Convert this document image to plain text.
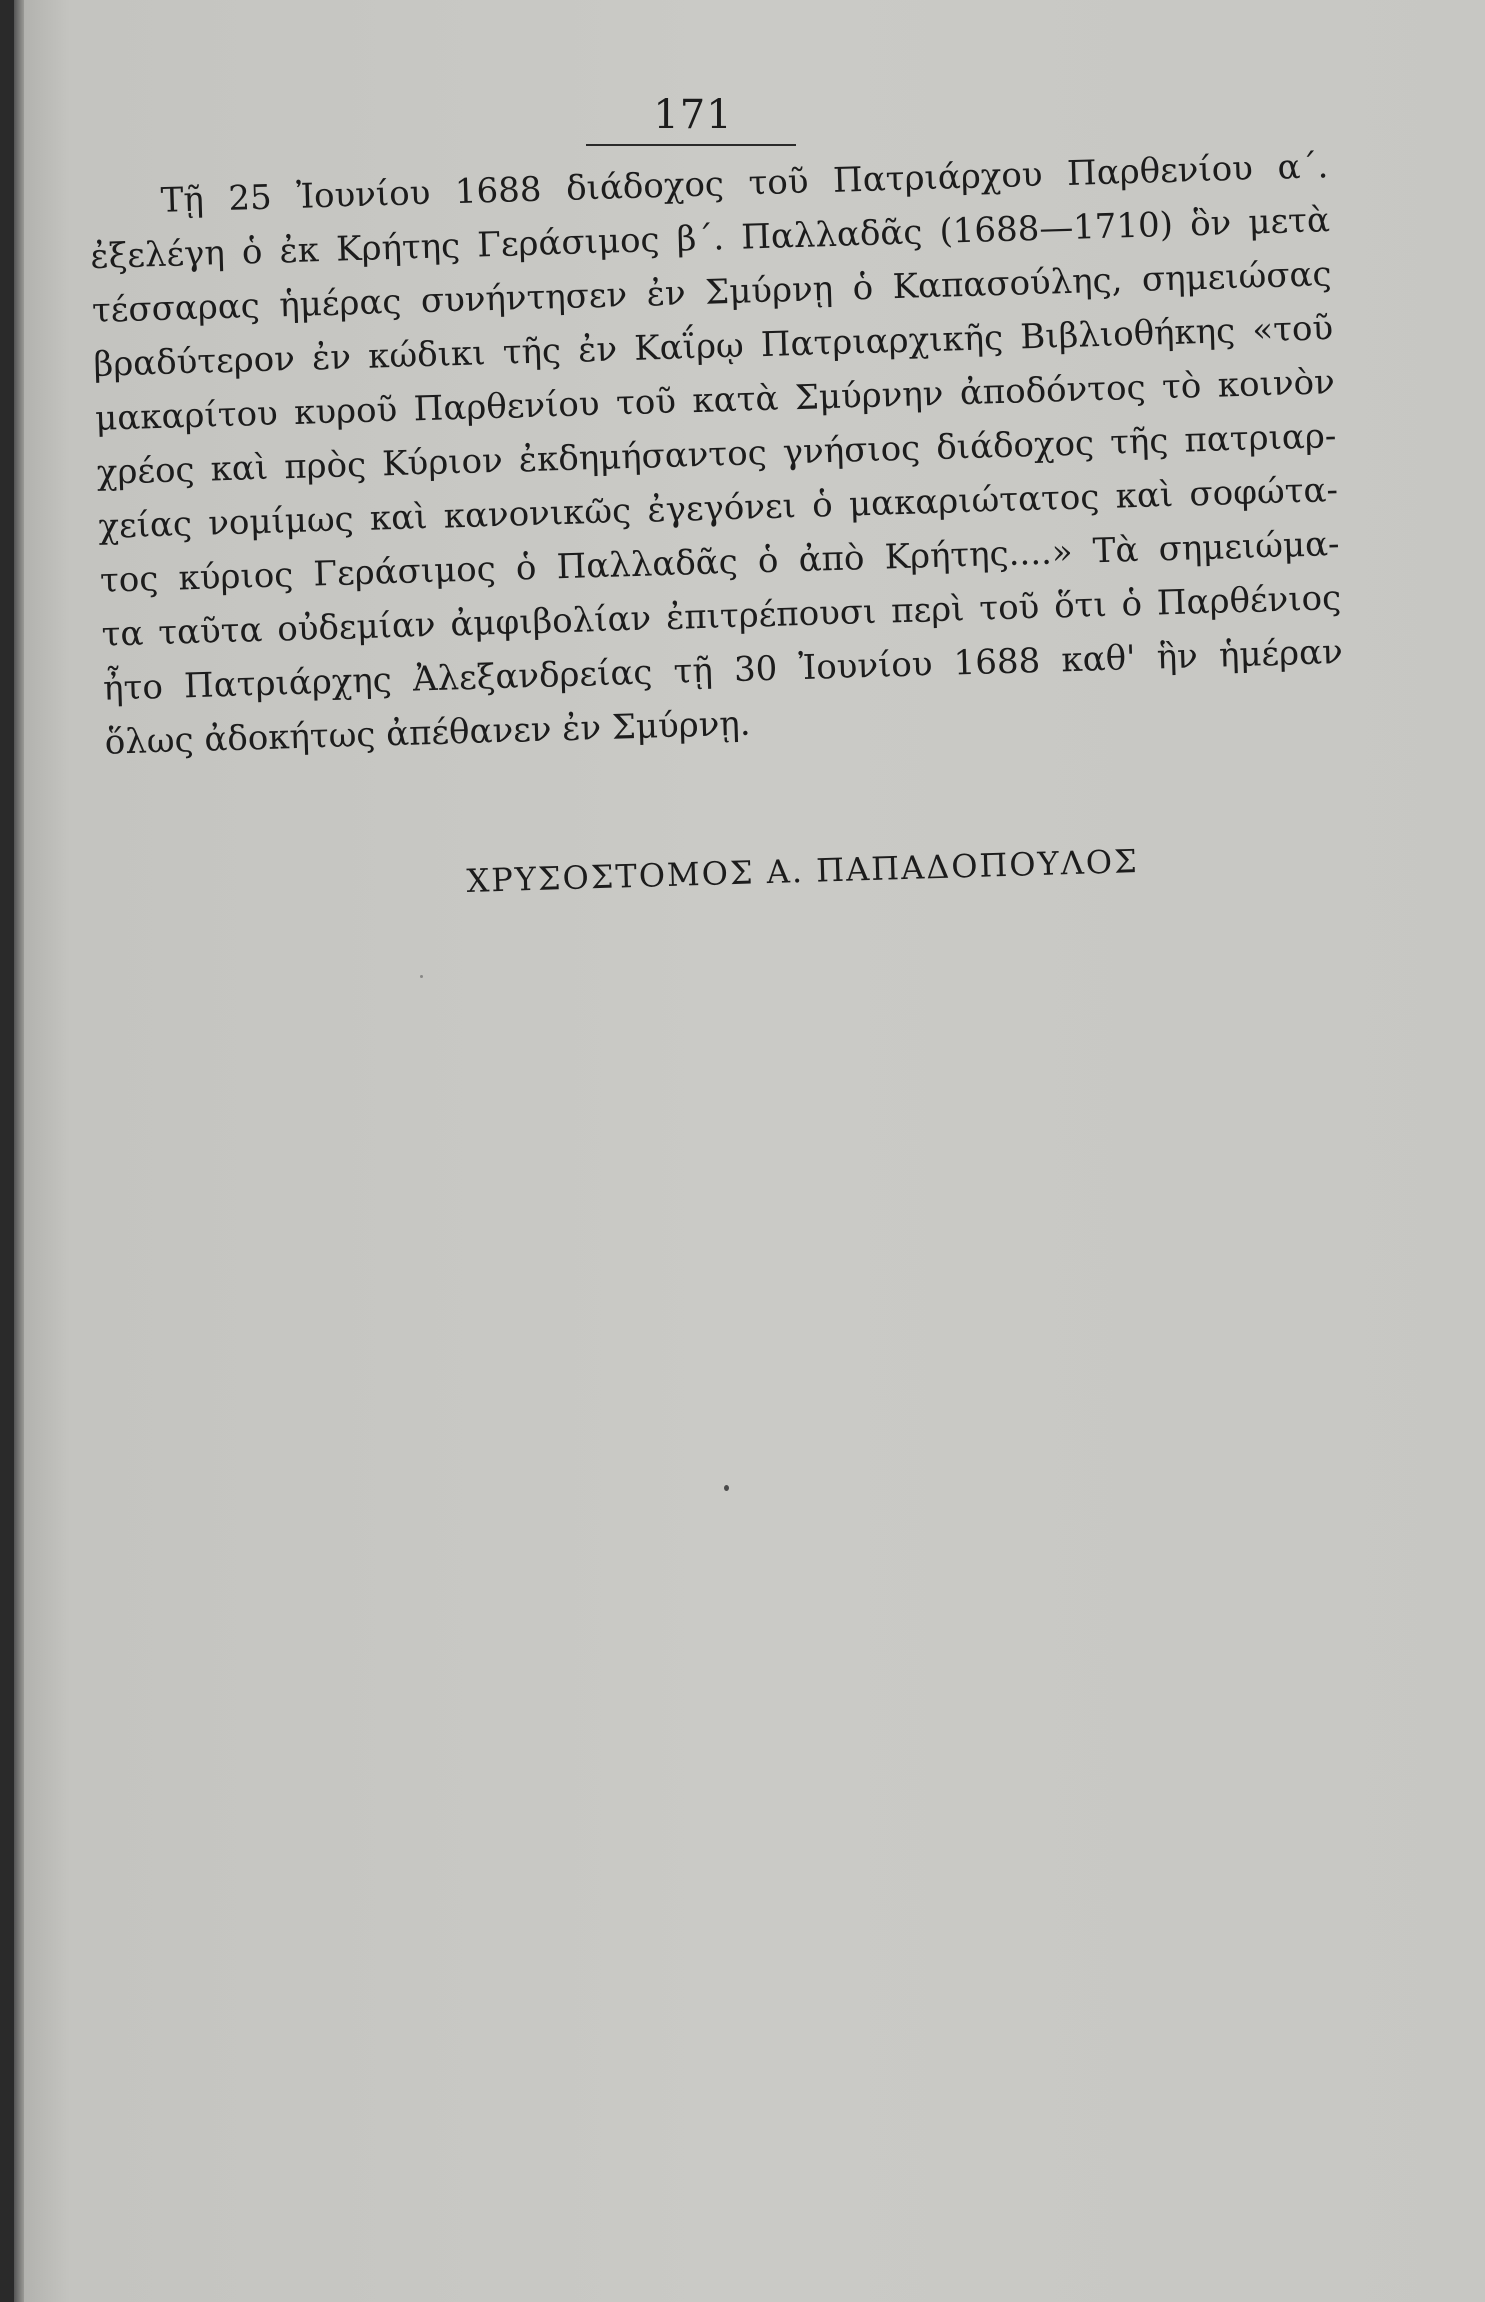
171
Τῇ 25 Ἰουνίου 1688 διάδοχος τοῦ Πατριάρχου Παρθενίου α΄.
ἐξελέγη ὁ ἐκ Κρήτης Γεράσιμος β΄. Παλλαδᾶς (1688—1710) ὃν μετὰ
τέσσαρας ἡμέρας συνήντησεν ἐν Σμύρνῃ ὁ Καπασούλης, σημειώσας
βραδύτερον ἐν κώδικι τῆς ἐν Καΐρῳ Πατριαρχικῆς Βιβλιοθήκης «τοῦ
μακαρίτου κυροῦ Παρθενίου τοῦ κατὰ Σμύρνην ἀποδόντος τὸ κοινὸν
χρέος καὶ πρὸς Κύριον ἐκδημήσαντος γνήσιος διάδοχος τῆς πατριαρ-
χείας νομίμως καὶ κανονικῶς ἐγεγόνει ὁ μακαριώτατος καὶ σοφώτα-
τος κύριος Γεράσιμος ὁ Παλλαδᾶς ὁ ἀπὸ Κρήτης....» Τὰ σημειώμα-
τα ταῦτα οὐδεμίαν ἀμφιβολίαν ἐπιτρέπουσι περὶ τοῦ ὅτι ὁ Παρθένιος
ἦτο Πατριάρχης Ἀλεξανδρείας τῇ 30 Ἰουνίου 1688 καθ' ἣν ἡμέραν
ὅλως ἀδοκήτως ἀπέθανεν ἐν Σμύρνῃ.
ΧΡΥΣΟΣΤΟΜΟΣ Α. ΠΑΠΑΔΟΠΟΥΛΟΣ
